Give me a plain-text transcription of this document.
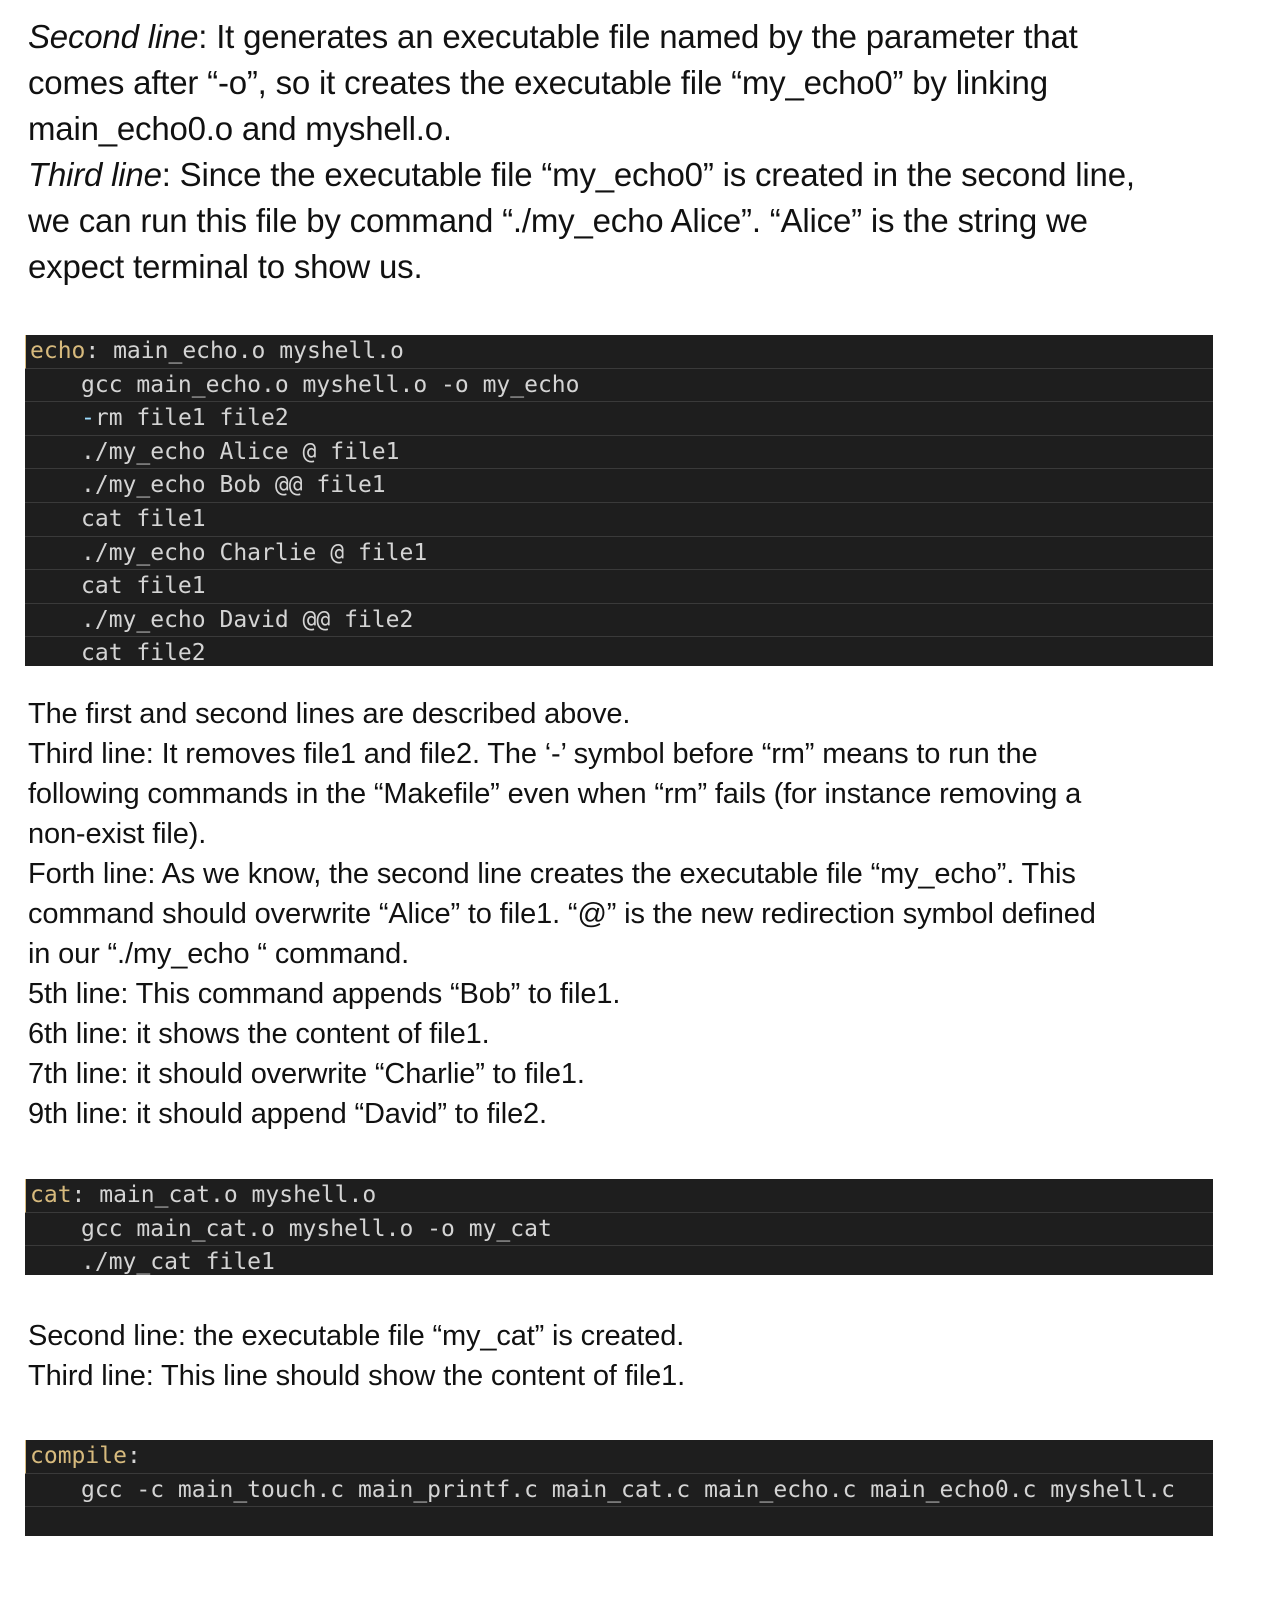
Second line: It generates an executable file named by the parameter that
comes after “-o”, so it creates the executable file “my_echo0” by linking
main_echo0.o and myshell.o.
Third line: Since the executable file “my_echo0” is created in the second line,
we can run this file by command “./my_echo Alice”. “Alice” is the string we
expect terminal to show us.
echo: main_echo.o myshell.o
gcc main_echo.o myshell.o -o my_echo
-rm file1 file2
./my_echo Alice @ file1
./my_echo Bob @@ file1
cat file1
./my_echo Charlie @ file1
cat file1
./my_echo David @@ file2
cat file2
The first and second lines are described above.
Third line: It removes file1 and file2. The ‘-’ symbol before “rm” means to run the
following commands in the “Makefile” even when “rm” fails (for instance removing a
non-exist file).
Forth line: As we know, the second line creates the executable file “my_echo”. This
command should overwrite “Alice” to file1. “@” is the new redirection symbol defined
in our “./my_echo “ command.
5th line: This command appends “Bob” to file1.
6th line: it shows the content of file1.
7th line: it should overwrite “Charlie” to file1.
9th line: it should append “David” to file2.
cat: main_cat.o myshell.o
gcc main_cat.o myshell.o -o my_cat
./my_cat file1
Second line: the executable file “my_cat” is created.
Third line: This line should show the content of file1.
compile:
gcc -c main_touch.c main_printf.c main_cat.c main_echo.c main_echo0.c myshell.c
